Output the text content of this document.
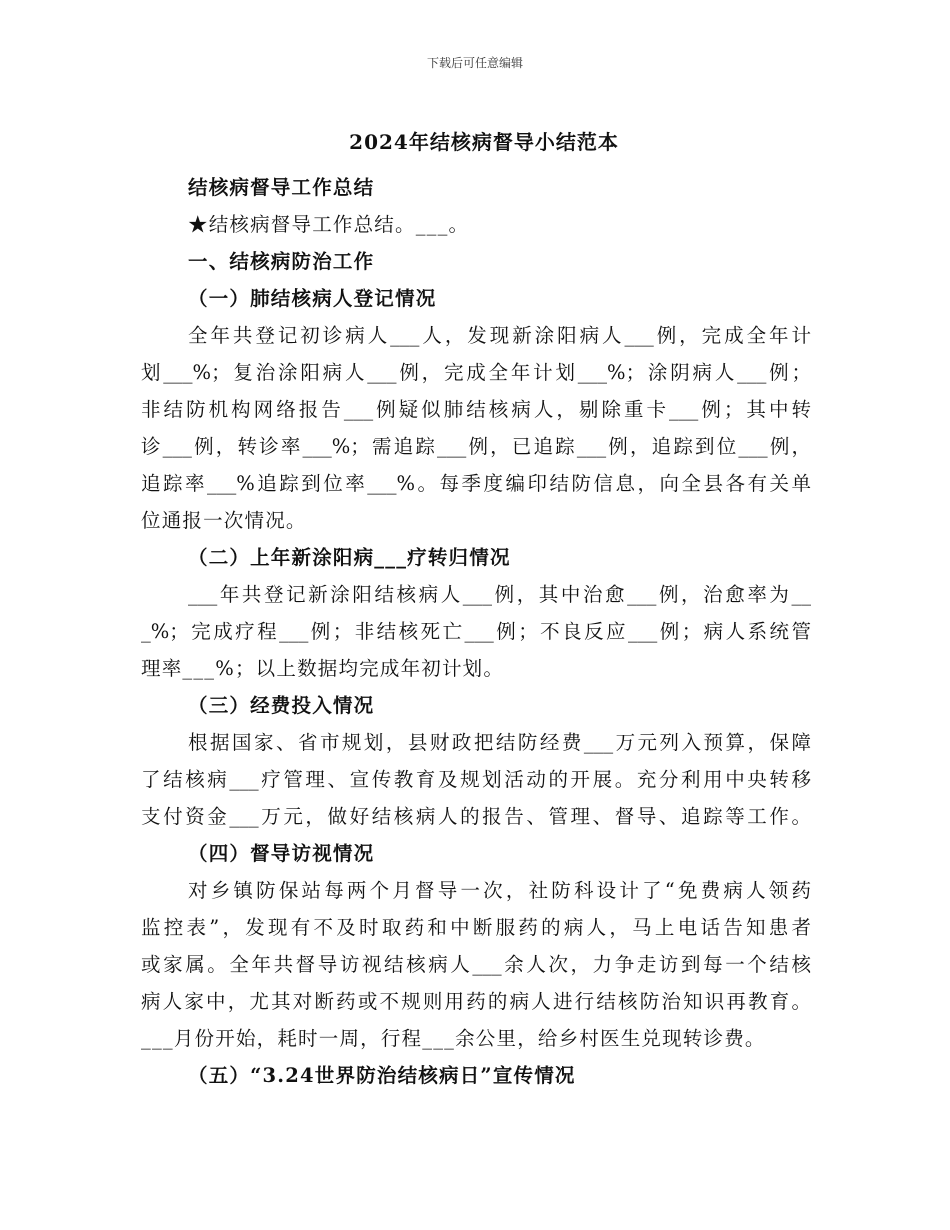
下载后可任意编辑
2024年结核病督导小结范本
结核病督导工作总结
★结核病督导工作总结。___。
一、结核病防治工作
（一）肺结核病人登记情况
全年共登记初诊病人___人，发现新涂阳病人___例，完成全年计
划___%；复治涂阳病人___例，完成全年计划___%；涂阴病人___例；
非结防机构网络报告___例疑似肺结核病人，剔除重卡___例；其中转
诊___例，转诊率___%；需追踪___例，已追踪___例，追踪到位___例，
追踪率___%追踪到位率___%。每季度编印结防信息，向全县各有关单
位通报一次情况。
（二）上年新涂阳病___疗转归情况
___年共登记新涂阳结核病人___例，其中治愈___例，治愈率为__
_%；完成疗程___例；非结核死亡___例；不良反应___例；病人系统管
理率___%；以上数据均完成年初计划。
（三）经费投入情况
根据国家、省市规划，县财政把结防经费___万元列入预算，保障
了结核病___疗管理、宣传教育及规划活动的开展。充分利用中央转移
支付资金___万元，做好结核病人的报告、管理、督导、追踪等工作。
（四）督导访视情况
对乡镇防保站每两个月督导一次，社防科设计了“免费病人领药
监控表”，发现有不及时取药和中断服药的病人，马上电话告知患者
或家属。全年共督导访视结核病人___余人次，力争走访到每一个结核
病人家中，尤其对断药或不规则用药的病人进行结核防治知识再教育。
___月份开始，耗时一周，行程___余公里，给乡村医生兑现转诊费。
（五）“3.24世界防治结核病日”宣传情况
